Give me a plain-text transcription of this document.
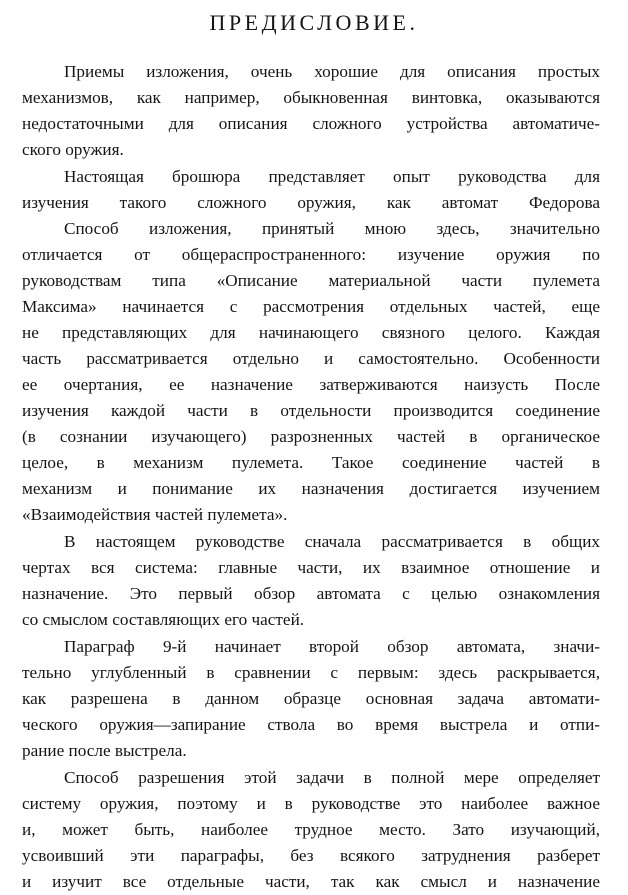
ПРЕДИСЛОВИЕ.
Приемы изложения, очень хорошие для описания простых
механизмов, как например, обыкновенная винтовка, оказываются
недостаточными для описания сложного устройства автоматиче-
ского оружия.
Настоящая брошюра представляет опыт руководства для
изучения такого сложного оружия, как автомат Федорова
Способ изложения, принятый мною здесь, значительно
отличается от общераспространенного: изучение оружия по
руководствам типа «Описание материальной части пулемета
Максима» начинается с рассмотрения отдельных частей, еще
не представляющих для начинающего связного целого. Каждая
часть рассматривается отдельно и самостоятельно. Особенности
ее очертания, ее назначение затверживаются наизусть После
изучения каждой части в отдельности производится соединение
(в сознании изучающего) разрозненных частей в органическое
целое, в механизм пулемета. Такое соединение частей в
механизм и понимание их назначения достигается изучением
«Взаимодействия частей пулемета».
В настоящем руководстве сначала рассматривается в общих
чертах вся система: главные части, их взаимное отношение и
назначение. Это первый обзор автомата с целью ознакомления
со смыслом составляющих его частей.
Параграф 9-й начинает второй обзор автомата, значи-
тельно углубленный в сравнении с первым: здесь раскрывается,
как разрешена в данном образце основная задача автомати-
ческого оружия—запирание ствола во время выстрела и отпи-
рание после выстрела.
Способ разрешения этой задачи в полной мере определяет
систему оружия, поэтому и в руководстве это наиболее важное
и, может быть, наиболее трудное место. Зато изучающий,
усвоивший эти параграфы, без всякого затруднения разберет
и изучит все отдельные части, так как смысл и назначение
